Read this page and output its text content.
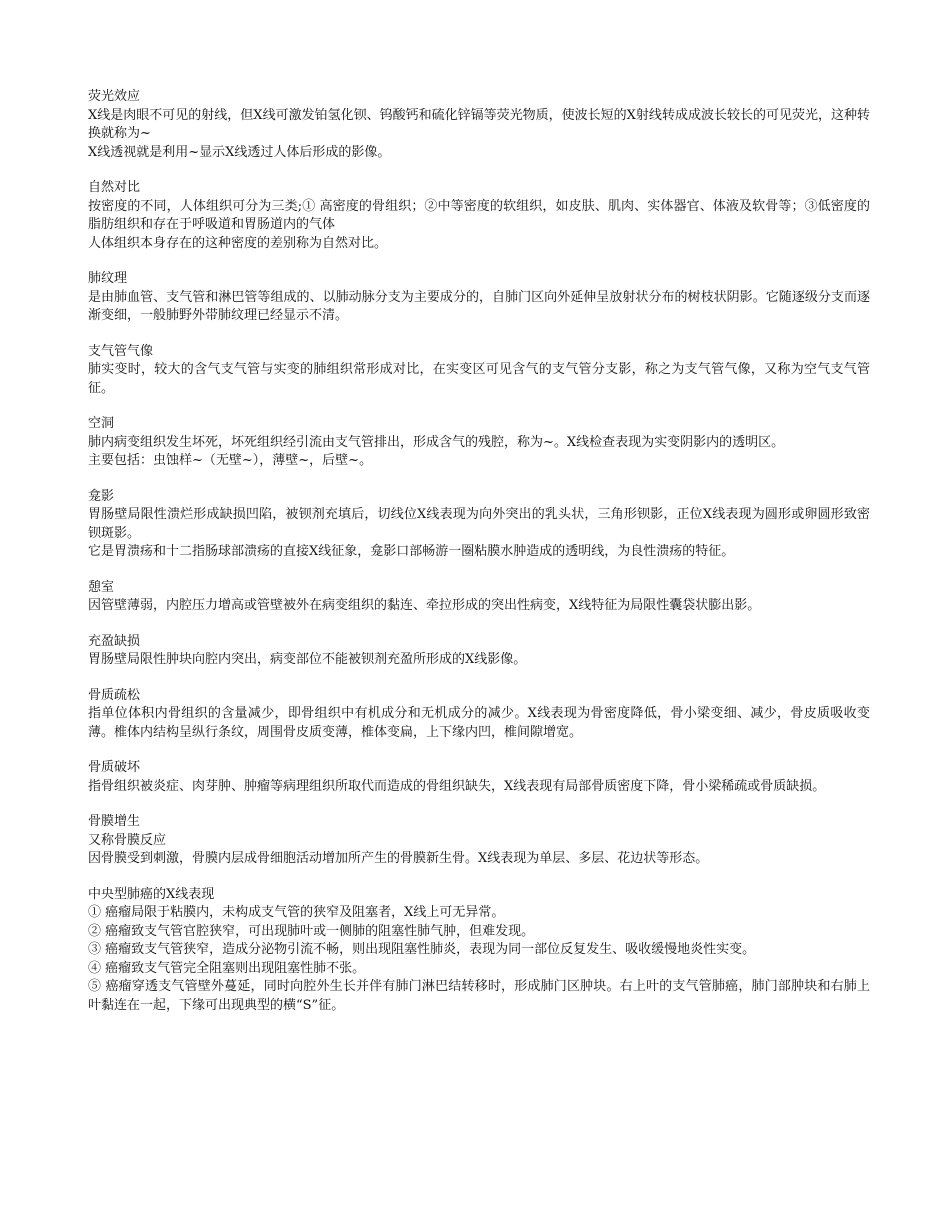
荧光效应

X线是肉眼不可见的射线，但X线可激发铂氢化钡、钨酸钙和硫化锌镉等荧光物质，使波长短的X射线转成成波长较长的可见荧光，这种转换就称为~

X线透视就是利用~显示X线透过人体后形成的影像。

自然对比

按密度的不同，人体组织可分为三类;① 高密度的骨组织；②中等密度的软组织，如皮肤、肌肉、实体器官、体液及软骨等；③低密度的脂肪组织和存在于呼吸道和胃肠道内的气体

人体组织本身存在的这种密度的差别称为自然对比。

肺纹理

是由肺血管、支气管和淋巴管等组成的、以肺动脉分支为主要成分的，自肺门区向外延伸呈放射状分布的树枝状阴影。它随逐级分支而逐渐变细，一般肺野外带肺纹理已经显示不清。

支气管气像

肺实变时，较大的含气支气管与实变的肺组织常形成对比，在实变区可见含气的支气管分支影，称之为支气管气像，又称为空气支气管征。

空洞

肺内病变组织发生坏死，坏死组织经引流由支气管排出，形成含气的残腔，称为~。X线检查表现为实变阴影内的透明区。

主要包括：虫蚀样~（无壁~），薄壁~，后壁~。

龛影

胃肠壁局限性溃烂形成缺损凹陷，被钡剂充填后，切线位X线表现为向外突出的乳头状，三角形钡影，正位X线表现为圆形或卵圆形致密钡斑影。

它是胃溃疡和十二指肠球部溃疡的直接X线征象，龛影口部畅游一圈粘膜水肿造成的透明线，为良性溃疡的特征。

憩室

因管壁薄弱，内腔压力增高或管壁被外在病变组织的黏连、牵拉形成的突出性病变，X线特征为局限性囊袋状膨出影。

充盈缺损

胃肠壁局限性肿块向腔内突出，病变部位不能被钡剂充盈所形成的X线影像。

骨质疏松

指单位体积内骨组织的含量减少，即骨组织中有机成分和无机成分的减少。X线表现为骨密度降低，骨小梁变细、减少，骨皮质吸收变薄。椎体内结构呈纵行条纹，周围骨皮质变薄，椎体变扁，上下缘内凹，椎间隙增宽。

骨质破坏

指骨组织被炎症、肉芽肿、肿瘤等病理组织所取代而造成的骨组织缺失，X线表现有局部骨质密度下降，骨小梁稀疏或骨质缺损。

骨膜增生

又称骨膜反应

因骨膜受到刺激，骨膜内层成骨细胞活动增加所产生的骨膜新生骨。X线表现为单层、多层、花边状等形态。

中央型肺癌的X线表现

① 癌瘤局限于粘膜内，未构成支气管的狭窄及阻塞者，X线上可无异常。

② 癌瘤致支气管官腔狭窄，可出现肺叶或一侧肺的阻塞性肺气肿，但难发现。

③ 癌瘤致支气管狭窄，造成分泌物引流不畅，则出现阻塞性肺炎，表现为同一部位反复发生、吸收缓慢地炎性实变。

④ 癌瘤致支气管完全阻塞则出现阻塞性肺不张。

⑤ 癌瘤穿透支气管壁外蔓延，同时向腔外生长并伴有肺门淋巴结转移时，形成肺门区肿块。右上叶的支气管肺癌，肺门部肿块和右肺上叶黏连在一起，下缘可出现典型的横“S”征。
